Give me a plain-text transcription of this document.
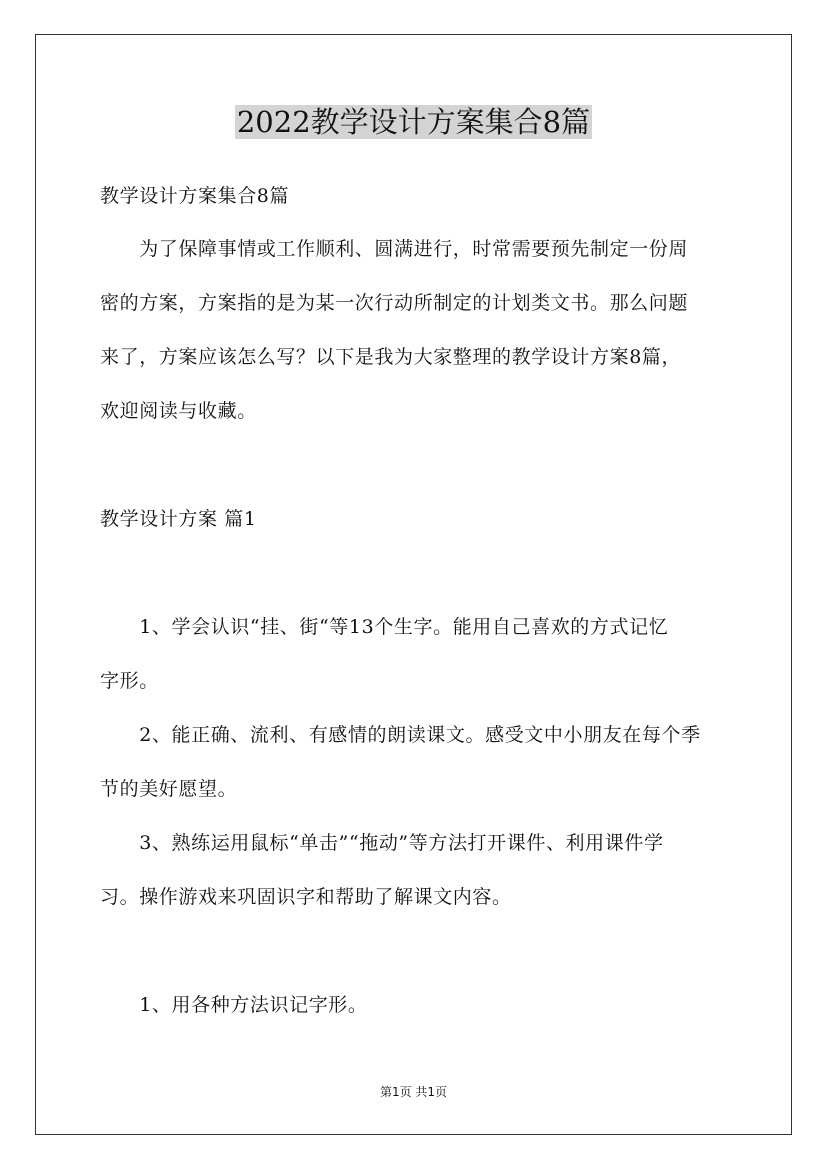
2022教学设计方案集合8篇
教学设计方案集合8篇
　　为了保障事情或工作顺利、圆满进行，时常需要预先制定一份周
密的方案，方案指的是为某一次行动所制定的计划类文书。那么问题
来了，方案应该怎么写？以下是我为大家整理的教学设计方案8篇，
欢迎阅读与收藏。
教学设计方案 篇1
　　1、学会认识“挂、街“等13个生字。能用自己喜欢的方式记忆
字形。
　　2、能正确、流利、有感情的朗读课文。感受文中小朋友在每个季
节的美好愿望。
　　3、熟练运用鼠标“单击”“拖动”等方法打开课件、利用课件学
习。操作游戏来巩固识字和帮助了解课文内容。
　　1、用各种方法识记字形。
第1页 共1页
